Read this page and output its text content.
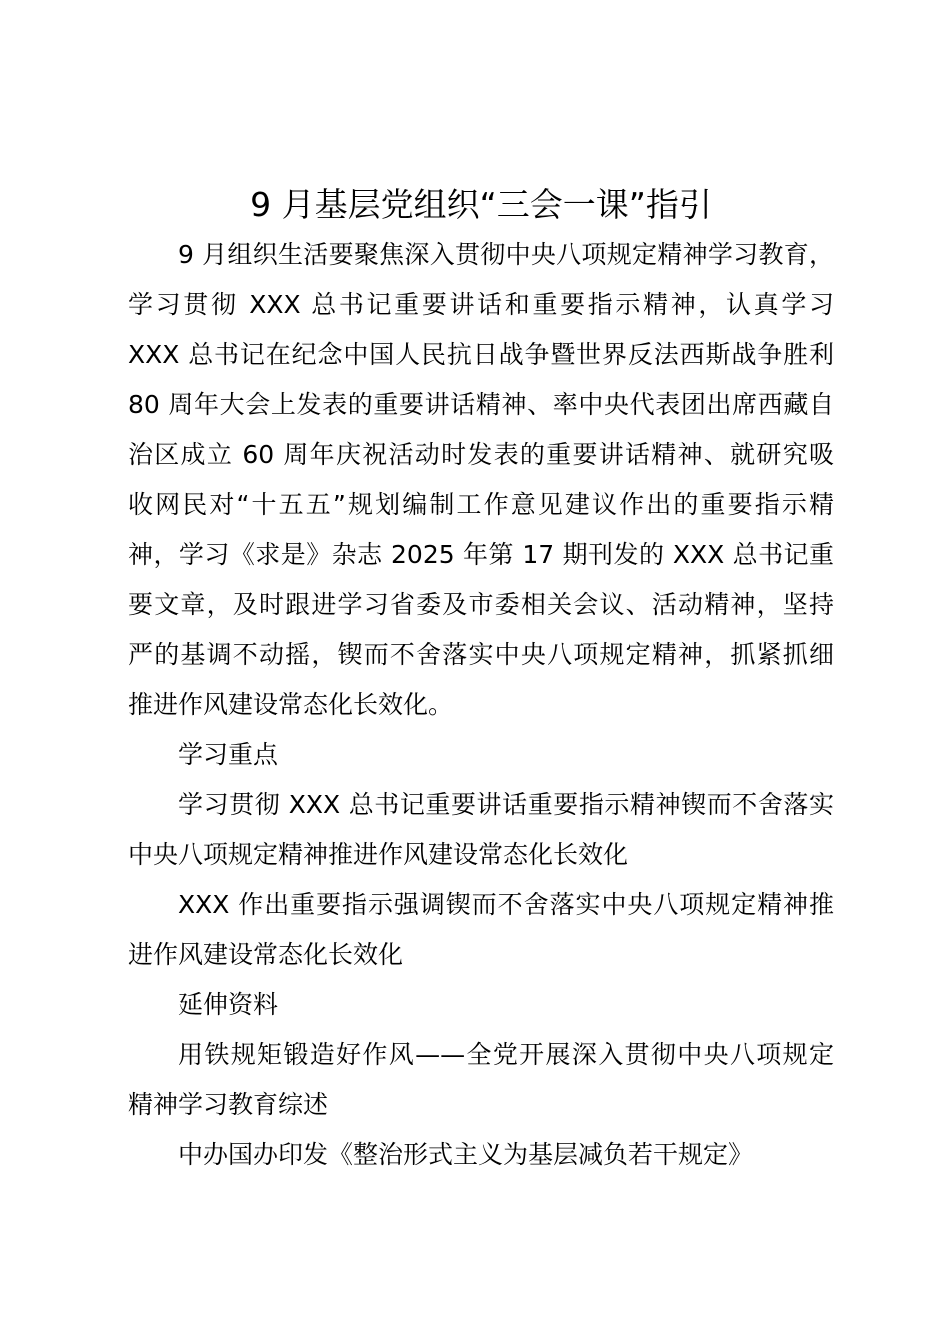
9 月基层党组织“三会一课”指引
9 月组织生活要聚焦深入贯彻中央八项规定精神学习教育，
学习贯彻 XXX 总书记重要讲话和重要指示精神，认真学习
XXX 总书记在纪念中国人民抗日战争暨世界反法西斯战争胜利
80 周年大会上发表的重要讲话精神、率中央代表团出席西藏自
治区成立 60 周年庆祝活动时发表的重要讲话精神、就研究吸
收网民对“十五五”规划编制工作意见建议作出的重要指示精
神，学习《求是》杂志 2025 年第 17 期刊发的 XXX 总书记重
要文章，及时跟进学习省委及市委相关会议、活动精神，坚持
严的基调不动摇，锲而不舍落实中央八项规定精神，抓紧抓细
推进作风建设常态化长效化。
学习重点
学习贯彻 XXX 总书记重要讲话重要指示精神锲而不舍落实
中央八项规定精神推进作风建设常态化长效化
XXX 作出重要指示强调锲而不舍落实中央八项规定精神推
进作风建设常态化长效化
延伸资料
用铁规矩锻造好作风——全党开展深入贯彻中央八项规定
精神学习教育综述
中办国办印发《整治形式主义为基层减负若干规定》
